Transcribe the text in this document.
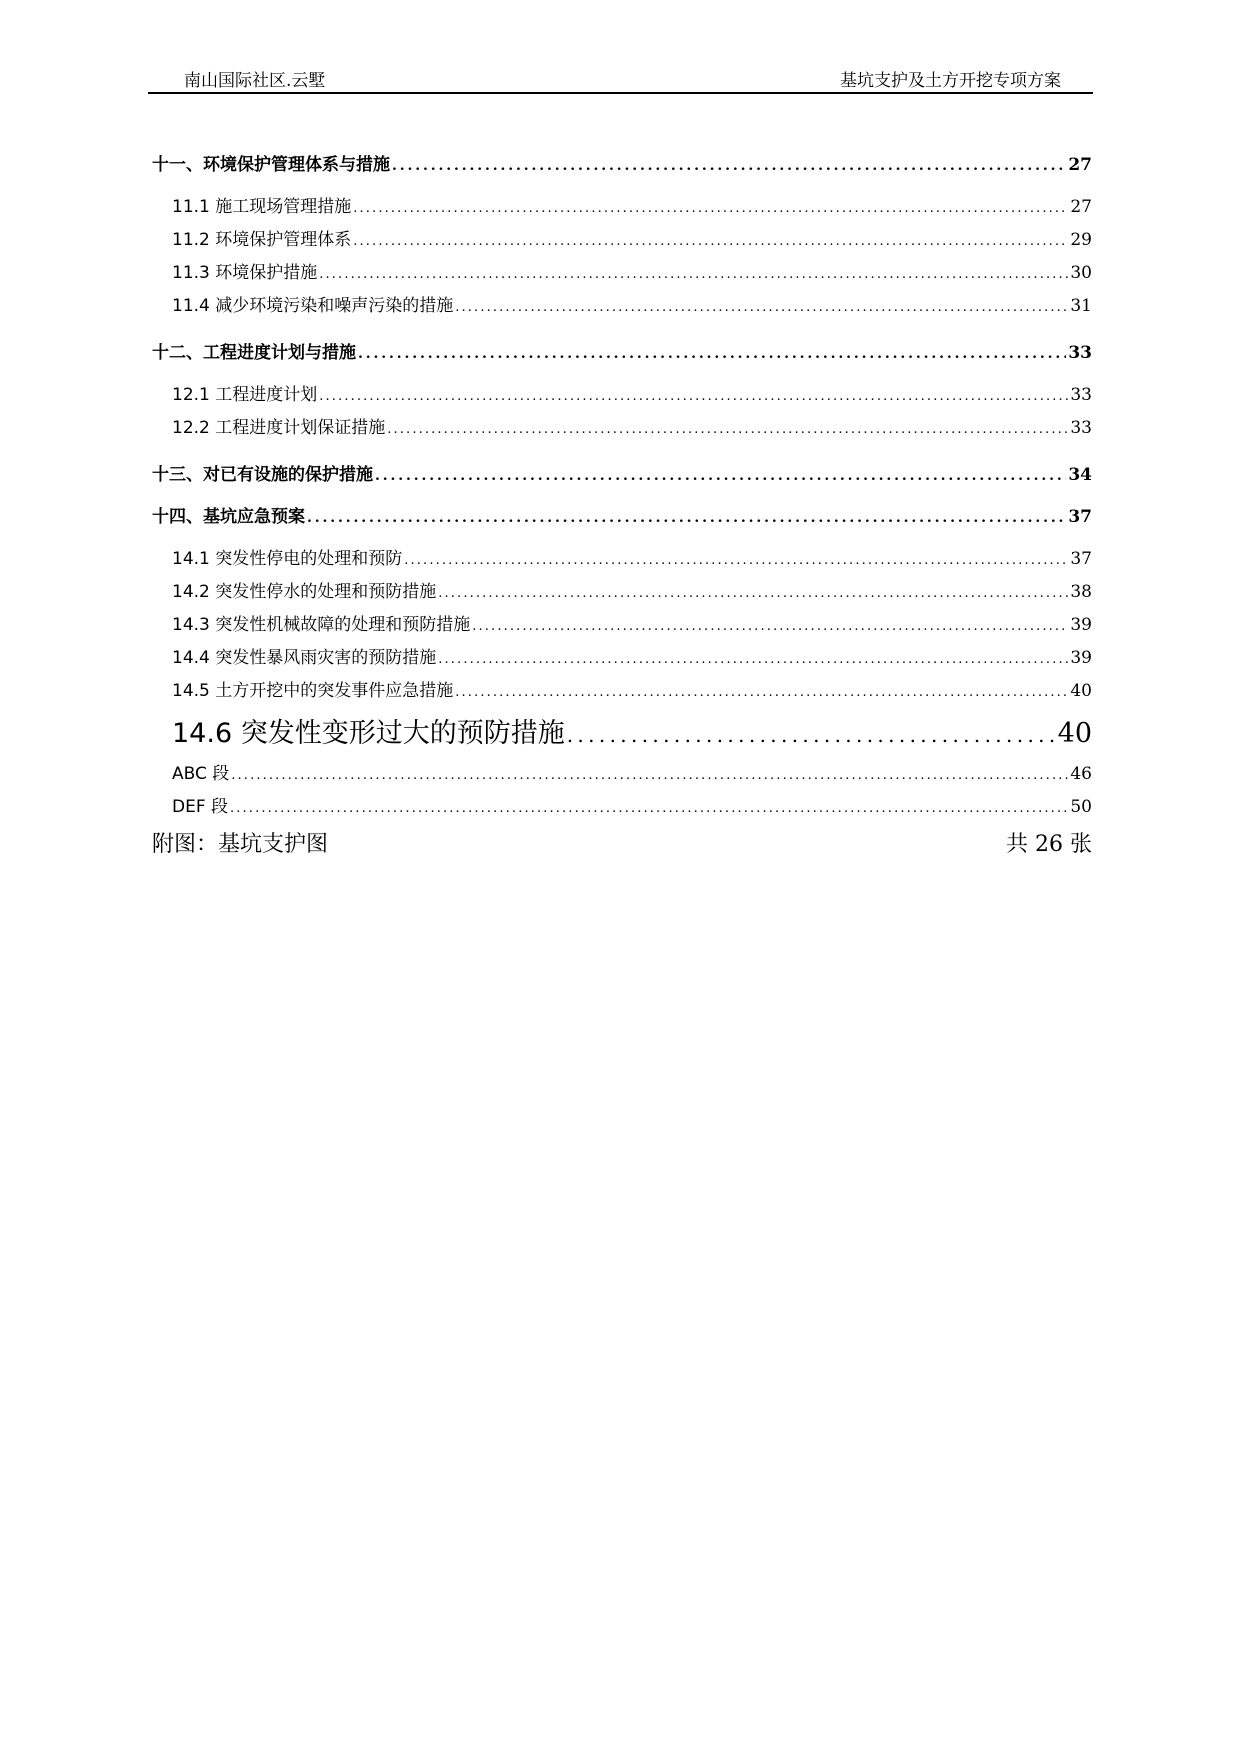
南山国际社区.云墅	基坑支护及土方开挖专项方案
十一、环境保护管理体系与措施 . . .	27
11.1 施工现场管理措施 . . .	27
11.2 环境保护管理体系 . . .	29
11.3 环境保护措施 . . .	30
11.4 减少环境污染和噪声污染的措施 . . .	31
十二、工程进度计划与措施 . . .	33
12.1 工程进度计划 . . .	33
12.2 工程进度计划保证措施 . . .	33
十三、对已有设施的保护措施 . . .	34
十四、基坑应急预案 . . .	37
14.1 突发性停电的处理和预防 . . .	37
14.2 突发性停水的处理和预防措施 . . .	38
14.3 突发性机械故障的处理和预防措施 . . .	39
14.4 突发性暴风雨灾害的预防措施 . . .	39
14.5 土方开挖中的突发事件应急措施 . . .	40
14.6 突发性变形过大的预防措施 . . .	40
ABC 段 . . .	46
DEF 段 . . .	50
附图：基坑支护图	共 26 张
